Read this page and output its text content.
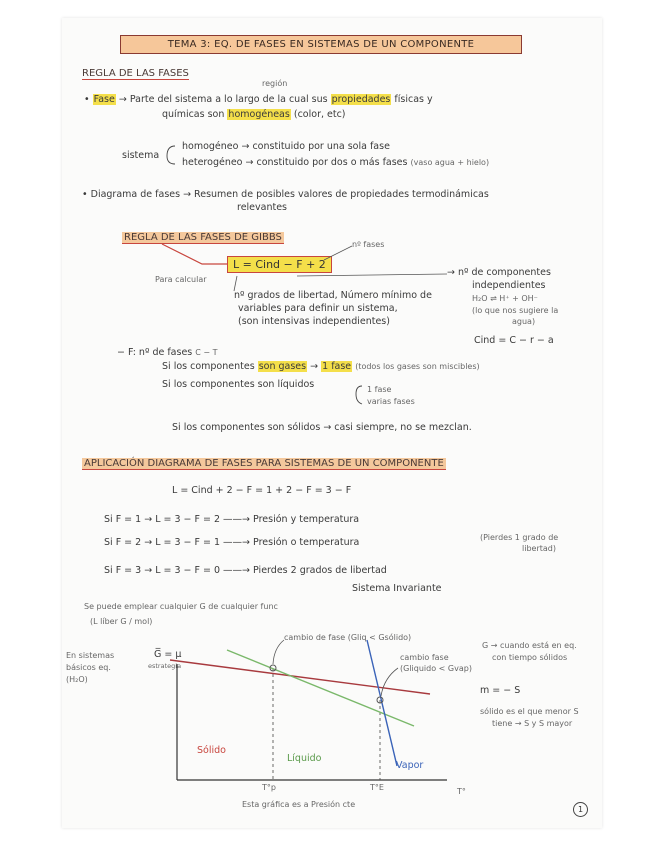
TEMA 3: EQ. DE FASES EN SISTEMAS DE UN COMPONENTE
REGLA DE LAS FASES
región
• Fase → Parte del sistema a lo largo de la cual sus propiedades físicas y
químicas son homogéneas (color, etc)
sistema
homogéneo → constituido por una sola fase
heterogéneo → constituido por dos o más fases (vaso agua + hielo)
• Diagrama de fases → Resumen de posibles valores de propiedades termodinámicas
relevantes
REGLA DE LAS FASES DE GIBBS
nº fases
L = Cind − F + 2
Para calcular
nº grados de libertad, Número mínimo de
variables para definir un sistema,
(son intensivas independientes)
→ nº de componentes
independientes
H₂O ⇌ H⁺ + OH⁻
(lo que nos sugiere la
agua)
Cind = C − r − a
− F: nº de fases C − T
Si los componentes son gases → 1 fase (todos los gases son miscibles)
Si los componentes son líquidos	1 fase
varias fases
Si los componentes son sólidos → casi siempre, no se mezclan.
APLICACIÓN DIAGRAMA DE FASES PARA SISTEMAS DE UN COMPONENTE
L = Cind + 2 − F = 1 + 2 − F = 3 − F
Si F = 1 → L = 3 − F = 2 ——→ Presión y temperatura
Si F = 2 → L = 3 − F = 1 ——→ Presión o temperatura	(Pierdes 1 grado de
libertad)
Si F = 3 → L = 3 − F = 0 ——→ Pierdes 2 grados de libertad
Sistema Invariante
Se puede emplear cualquier G de cualquier func
(L líber G / mol)
En sistemas
básicos eq.
(H₂O)
G̅ = μ
estrategia
cambio de fase (Gliq < Gsólido)
cambio fase
(Gliquido < Gvap)
G → cuando está en eq.
con tiempo sólidos
m = − S
sólido es el que menor S
tiene → S y S mayor
Sólido
Líquido
Vapor
T°p	T°E	T°
Esta gráfica es a Presión cte
1
